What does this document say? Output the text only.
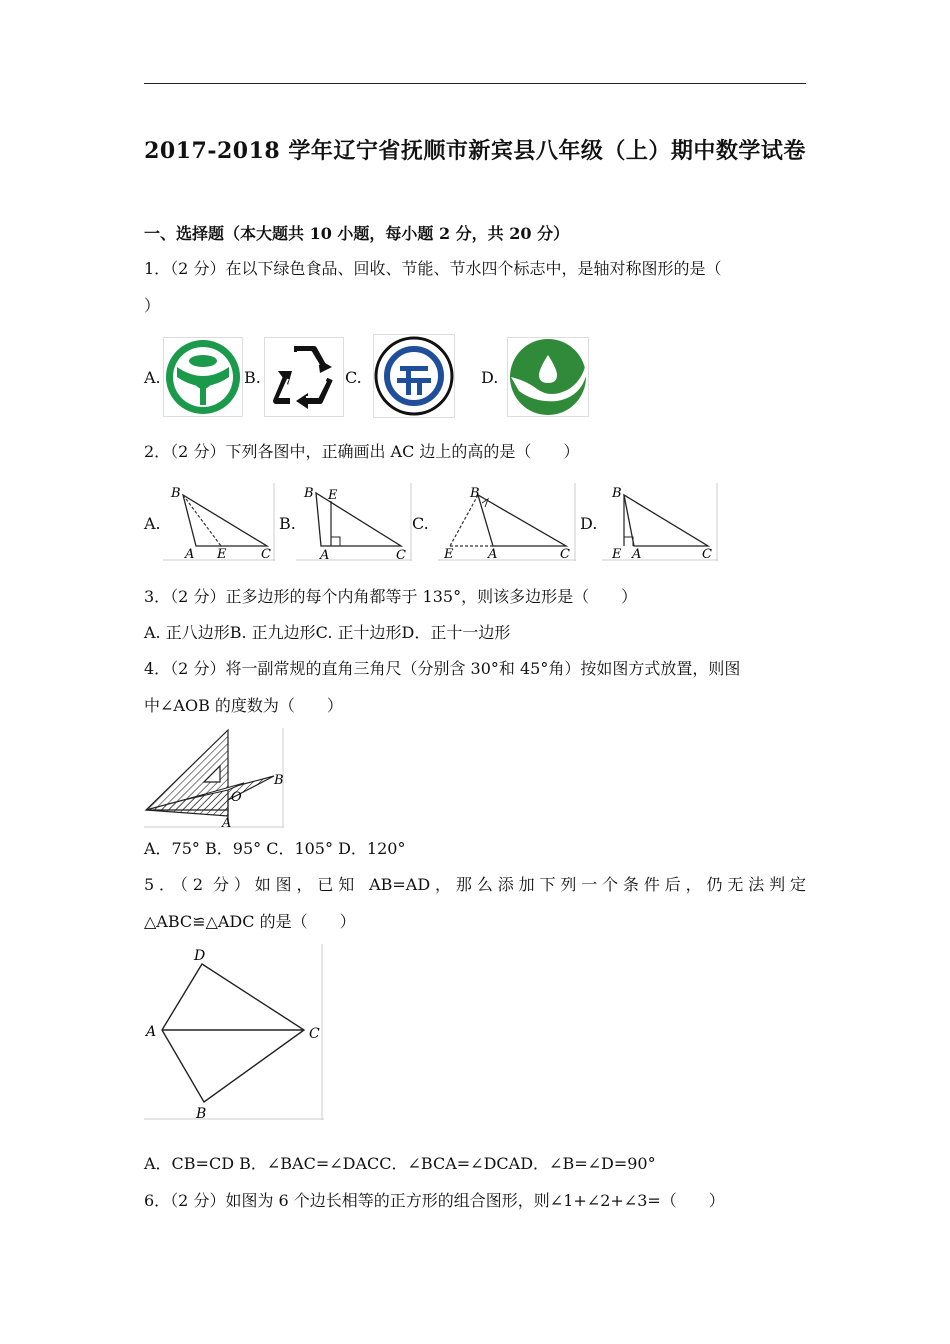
2017-2018 学年辽宁省抚顺市新宾县八年级（上）期中数学试卷
一、选择题（本大题共 10 小题，每小题 2 分，共 20 分）
1．（2 分）在以下绿色食品、回收、节能、节水四个标志中，是轴对称图形的是（
）
A.	B.	C.	D.
2．（2 分）下列各图中，正确画出 AC 边上的高的是（　　）
A.
B
A E	C
B.
B E
A	C
C.
B
E	A	C
D.
B
E A	C
3．（2 分）正多边形的每个内角都等于 135°，则该多边形是（　　）
A. 正八边形B. 正九边形C. 正十边形D．正十一边形
4．（2 分）将一副常规的直角三角尺（分别含 30°和 45°角）按如图方式放置，则图
中∠AOB 的度数为（　　）
B
O
A
A．75° B．95° C．105° D．120°
5．（2 分）如图，已知 AB=AD，那么添加下列一个条件后，仍无法判定
△ABC≌△ADC 的是（　　）
D
A	C
B
A．CB=CD B．∠BAC=∠DACC．∠BCA=∠DCAD．∠B=∠D=90°
6．（2 分）如图为 6 个边长相等的正方形的组合图形，则∠1+∠2+∠3=（　　）
